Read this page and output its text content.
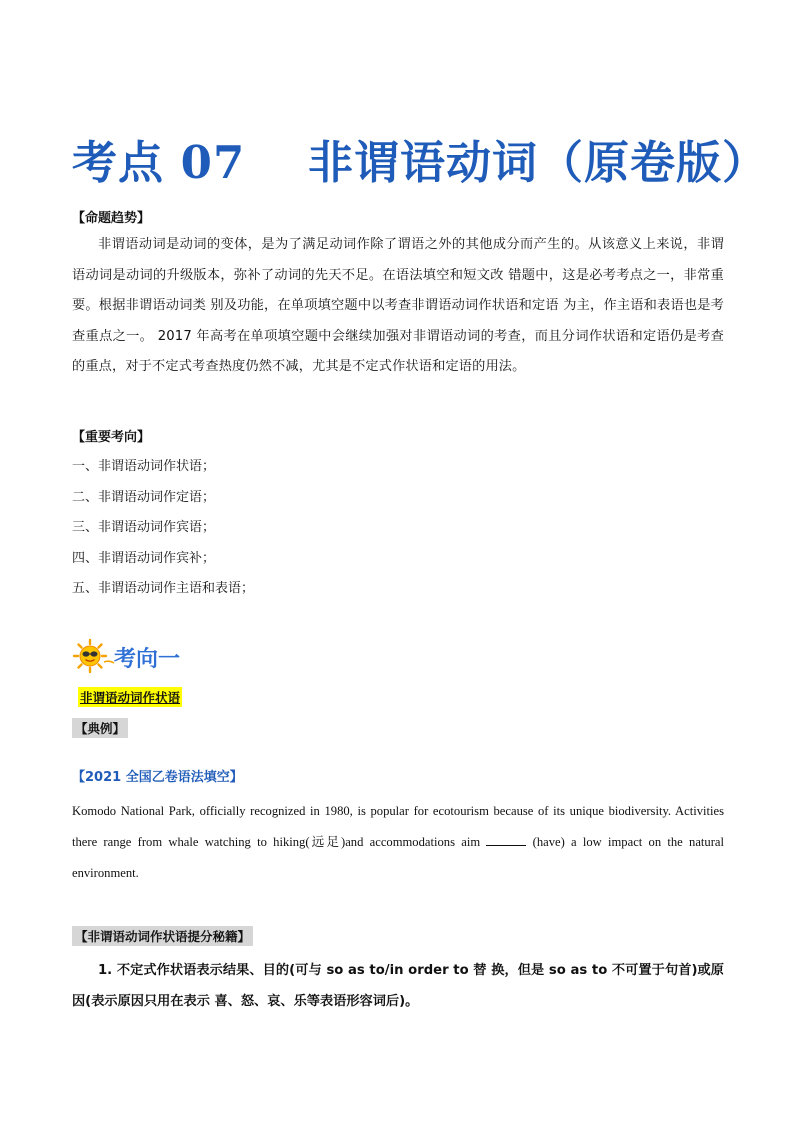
考点 07　 非谓语动词（原卷版）
【命题趋势】
非谓语动词是动词的变体，是为了满足动词作除了谓语之外的其他成分而产生的。从该意义上来说，非谓语动词是动词的升级版本，弥补了动词的先天不足。在语法填空和短文改 错题中，这是必考考点之一，非常重要。根据非谓语动词类 别及功能，在单项填空题中以考查非谓语动词作状语和定语 为主，作主语和表语也是考查重点之一。 2017 年高考在单项填空题中会继续加强对非谓语动词的考查，而且分词作状语和定语仍是考查的重点，对于不定式考查热度仍然不减，尤其是不定式作状语和定语的用法。
【重要考向】
一、非谓语动词作状语；
二、非谓语动词作定语；
三、非谓语动词作宾语；
四、非谓语动词作宾补；
五、非谓语动词作主语和表语；
考向一
非谓语动词作状语
【典例】
【2021 全国乙卷语法填空】
Komodo National Park, officially recognized in 1980, is popular for ecotourism because of its unique biodiversity. Activities there range from whale watching to hiking(远足)and accommodations aim	(have) a low impact on the natural environment.
【非谓语动词作状语提分秘籍】
1. 不定式作状语表示结果、目的(可与 so as to/in order to 替 换，但是 so as to 不可置于句首)或原因(表示原因只用在表示 喜、怒、哀、乐等表语形容词后)。
